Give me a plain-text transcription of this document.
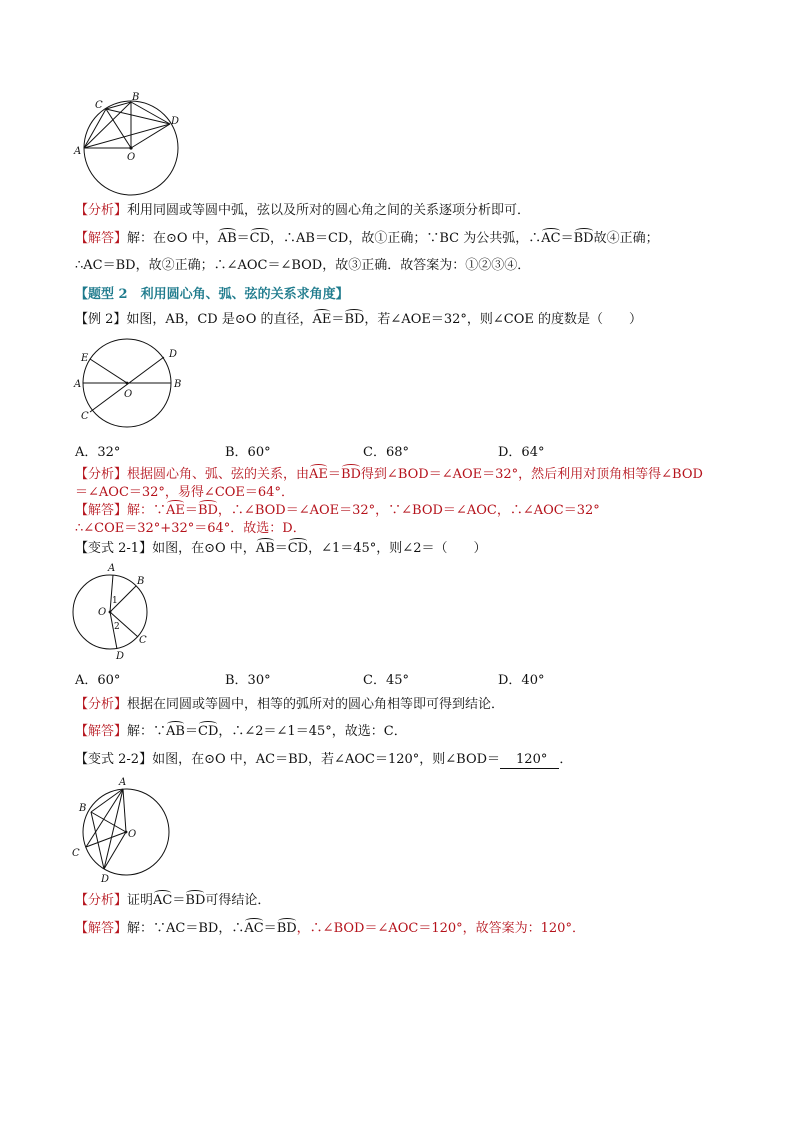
A
C
B
D
O
【分析】利用同圆或等圆中弧，弦以及所对的圆心角之间的关系逐项分析即可．
【解答】解：在⊙O 中，AB＝CD，∴AB＝CD，故①正确；∵BC 为公共弧，∴AC＝BD故④正确；
∴AC＝BD，故②正确；∴∠AOC＝∠BOD，故③正确．故答案为：①②③④．
【题型 2　利用圆心角、弧、弦的关系求角度】
【例 2】如图，AB，CD 是⊙O 的直径，AE＝BD，若∠AOE＝32°，则∠COE 的度数是（　　）
A	B
E	D
C
O
A．32°	B．60°	C．68°	D．64°
【分析】根据圆心角、弧、弦的关系，由AE＝BD得到∠BOD＝∠AOE＝32°，然后利用对顶角相等得∠BOD
＝∠AOC＝32°，易得∠COE＝64°．
【解答】解：∵AE＝BD，∴∠BOD＝∠AOE＝32°，∵∠BOD＝∠AOC，∴∠AOC＝32°
∴∠COE＝32°+32°＝64°．故选：D．
【变式 2-1】如图，在⊙O 中，AB＝CD，∠1＝45°，则∠2＝（　　）
A
B
C
D
O
1
2
A．60°	B．30°	C．45°	D．40°
【分析】根据在同圆或等圆中，相等的弧所对的圆心角相等即可得到结论．
【解答】解：∵AB＝CD，∴∠2＝∠1＝45°，故选：C．
【变式 2-2】如图，在⊙O 中，AC＝BD，若∠AOC＝120°，则∠BOD＝ 120° ．
A
B
C
D
O
【分析】证明AC＝BD可得结论．
【解答】解：∵AC＝BD，∴AC＝BD，∴∠BOD＝∠AOC＝120°，故答案为：120°．
